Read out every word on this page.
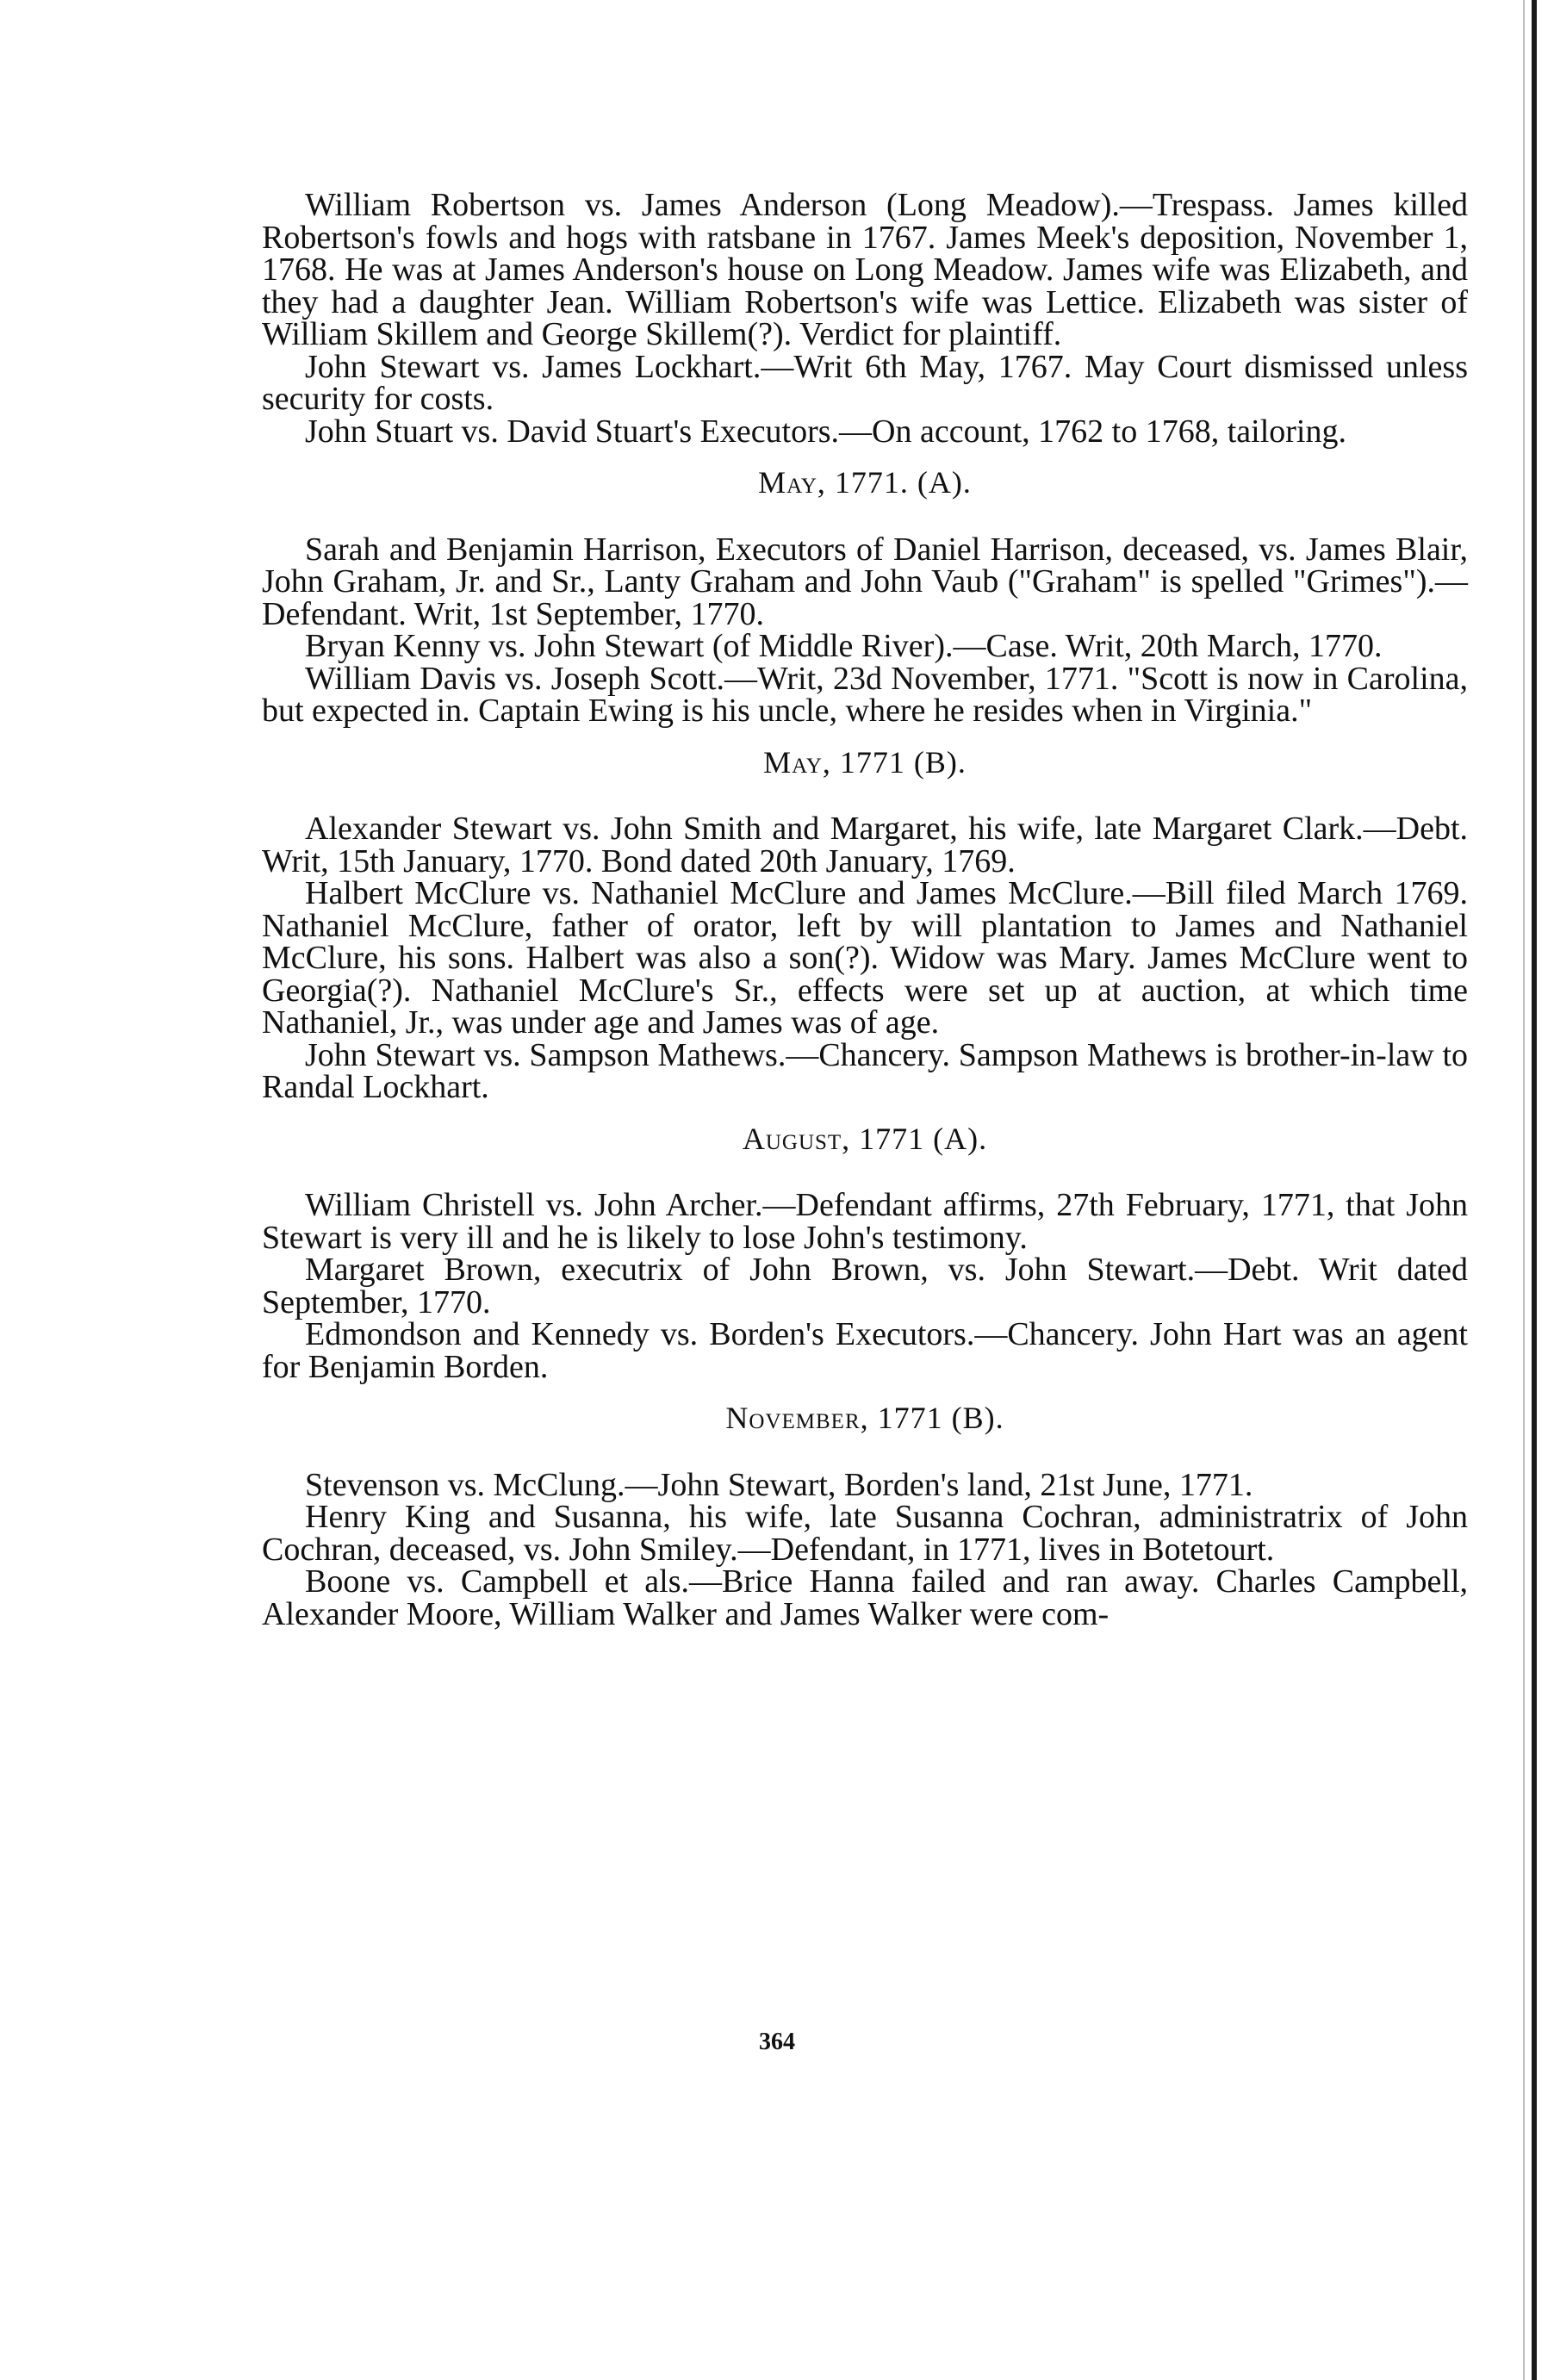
William Robertson vs. James Anderson (Long Meadow).—Trespass. James killed Robertson's fowls and hogs with ratsbane in 1767. James Meek's deposition, November 1, 1768. He was at James Anderson's house on Long Meadow. James wife was Elizabeth, and they had a daughter Jean. William Robertson's wife was Lettice. Elizabeth was sister of William Skillem and George Skillem(?). Verdict for plaintiff.

John Stewart vs. James Lockhart.—Writ 6th May, 1767. May Court dismissed unless security for costs.

John Stuart vs. David Stuart's Executors.—On account, 1762 to 1768, tailoring.

May, 1771. (A).

Sarah and Benjamin Harrison, Executors of Daniel Harrison, deceased, vs. James Blair, John Graham, Jr. and Sr., Lanty Graham and John Vaub ("Graham" is spelled "Grimes").—Defendant. Writ, 1st September, 1770.

Bryan Kenny vs. John Stewart (of Middle River).—Case. Writ, 20th March, 1770.

William Davis vs. Joseph Scott.—Writ, 23d November, 1771. "Scott is now in Carolina, but expected in. Captain Ewing is his uncle, where he resides when in Virginia."

May, 1771 (B).

Alexander Stewart vs. John Smith and Margaret, his wife, late Margaret Clark.—Debt. Writ, 15th January, 1770. Bond dated 20th January, 1769.

Halbert McClure vs. Nathaniel McClure and James McClure.—Bill filed March 1769. Nathaniel McClure, father of orator, left by will plantation to James and Nathaniel McClure, his sons. Halbert was also a son(?). Widow was Mary. James McClure went to Georgia(?). Nathaniel McClure's Sr., effects were set up at auction, at which time Nathaniel, Jr., was under age and James was of age.

John Stewart vs. Sampson Mathews.—Chancery. Sampson Mathews is brother-in-law to Randal Lockhart.

August, 1771 (A).

William Christell vs. John Archer.—Defendant affirms, 27th February, 1771, that John Stewart is very ill and he is likely to lose John's testimony.

Margaret Brown, executrix of John Brown, vs. John Stewart.—Debt. Writ dated September, 1770.

Edmondson and Kennedy vs. Borden's Executors.—Chancery. John Hart was an agent for Benjamin Borden.

November, 1771 (B).

Stevenson vs. McClung.—John Stewart, Borden's land, 21st June, 1771.

Henry King and Susanna, his wife, late Susanna Cochran, administratrix of John Cochran, deceased, vs. John Smiley.—Defendant, in 1771, lives in Botetourt.

Boone vs. Campbell et als.—Brice Hanna failed and ran away. Charles Campbell, Alexander Moore, William Walker and James Walker were com-

364
